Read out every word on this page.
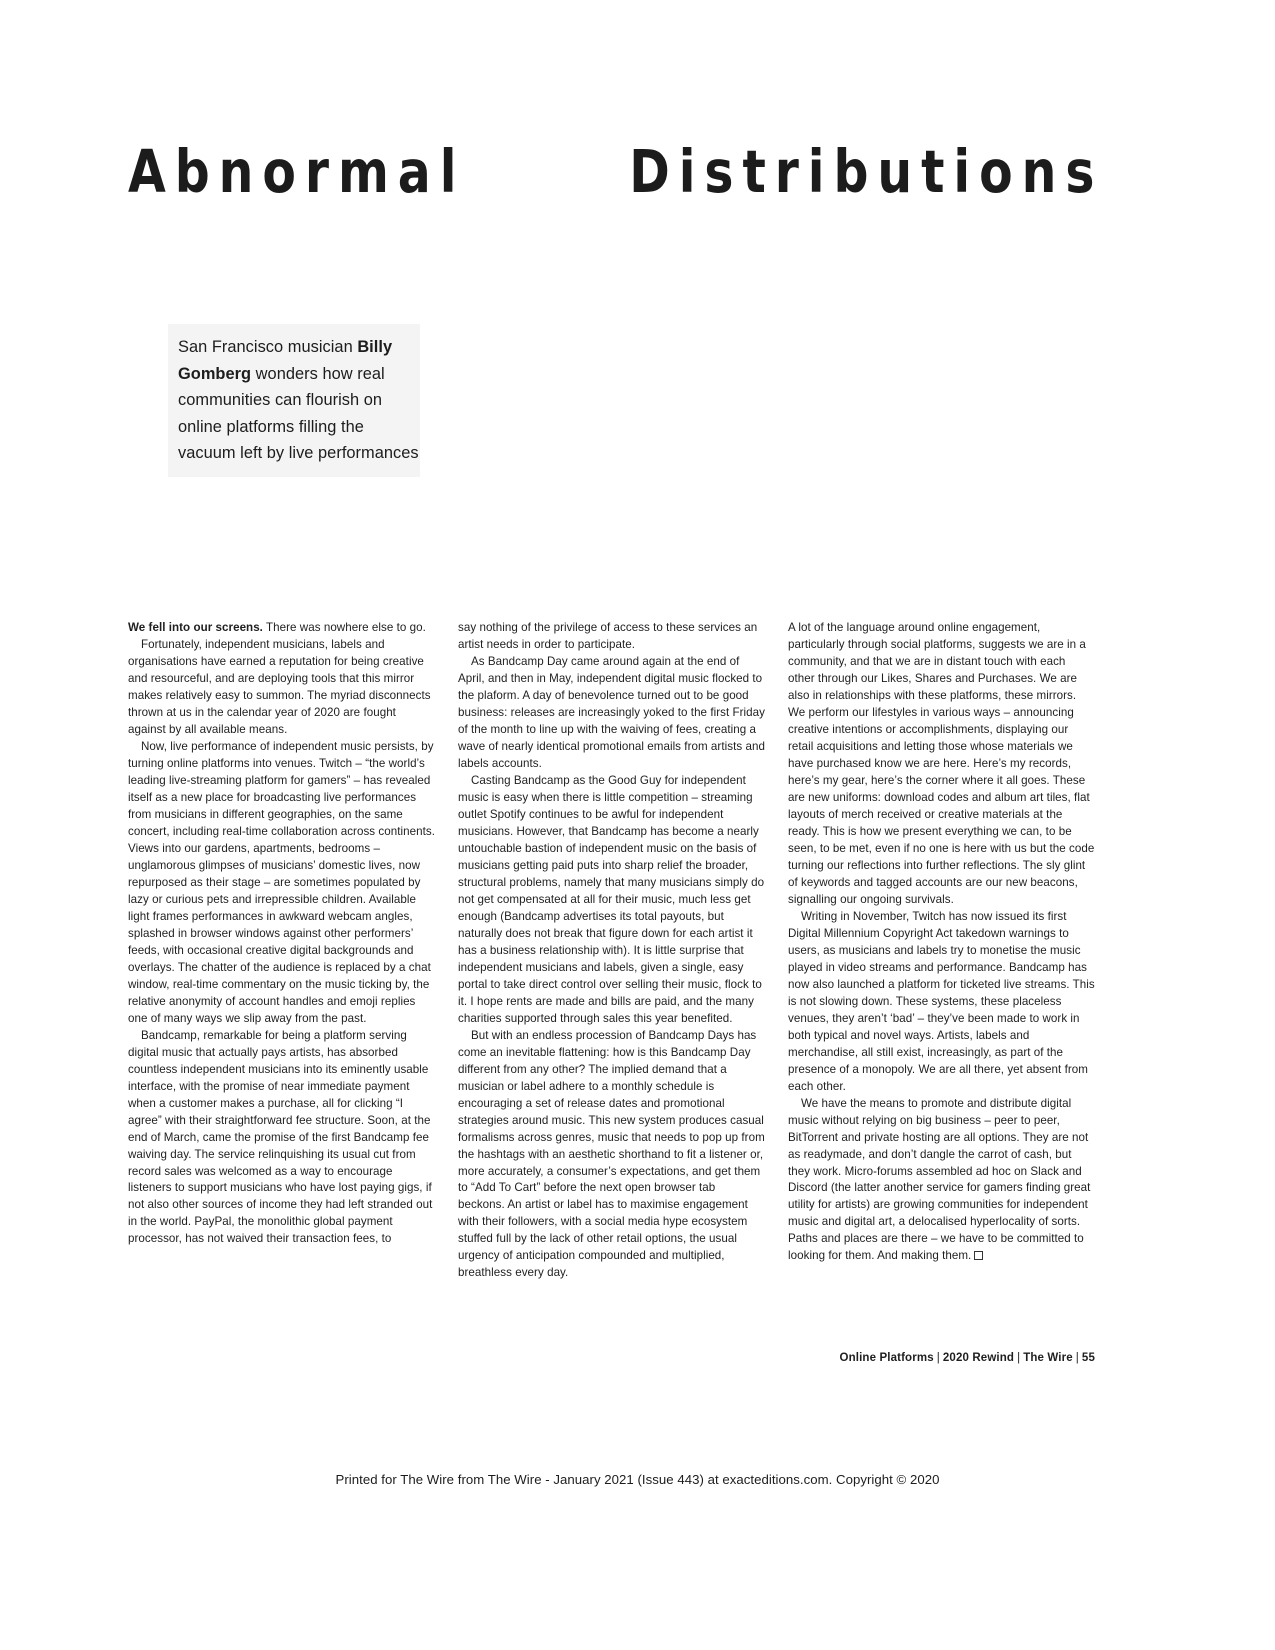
Abnormal	Distributions
San Francisco musician Billy Gomberg wonders how real communities can flourish on online platforms filling the vacuum left by live performances

We fell into our screens. There was nowhere else to go.

Fortunately, independent musicians, labels and organisations have earned a reputation for being creative and resourceful, and are deploying tools that this mirror makes relatively easy to summon. The myriad disconnects thrown at us in the calendar year of 2020 are fought against by all available means.

Now, live performance of independent music persists, by turning online platforms into venues. Twitch – “the world’s leading live-streaming platform for gamers” – has revealed itself as a new place for broadcasting live performances from musicians in different geographies, on the same concert, including real-time collaboration across continents. Views into our gardens, apartments, bedrooms – unglamorous glimpses of musicians’ domestic lives, now repurposed as their stage – are sometimes populated by lazy or curious pets and irrepressible children. Available light frames performances in awkward webcam angles, splashed in browser windows against other performers’ feeds, with occasional creative digital backgrounds and overlays. The chatter of the audience is replaced by a chat window, real-time commentary on the music ticking by, the relative anonymity of account handles and emoji replies one of many ways we slip away from the past.

Bandcamp, remarkable for being a platform serving digital music that actually pays artists, has absorbed countless independent musicians into its eminently usable interface, with the promise of near immediate payment when a customer makes a purchase, all for clicking “I agree” with their straightforward fee structure. Soon, at the end of March, came the promise of the first Bandcamp fee waiving day. The service relinquishing its usual cut from record sales was welcomed as a way to encourage listeners to support musicians who have lost paying gigs, if not also other sources of income they had left stranded out in the world. PayPal, the monolithic global payment processor, has not waived their transaction fees, to

say nothing of the privilege of access to these services an artist needs in order to participate.

As Bandcamp Day came around again at the end of April, and then in May, independent digital music flocked to the plaform. A day of benevolence turned out to be good business: releases are increasingly yoked to the first Friday of the month to line up with the waiving of fees, creating a wave of nearly identical promotional emails from artists and labels accounts.

Casting Bandcamp as the Good Guy for independent music is easy when there is little competition – streaming outlet Spotify continues to be awful for independent musicians. However, that Bandcamp has become a nearly untouchable bastion of independent music on the basis of musicians getting paid puts into sharp relief the broader, structural problems, namely that many musicians simply do not get compensated at all for their music, much less get enough (Bandcamp advertises its total payouts, but naturally does not break that figure down for each artist it has a business relationship with). It is little surprise that independent musicians and labels, given a single, easy portal to take direct control over selling their music, flock to it. I hope rents are made and bills are paid, and the many charities supported through sales this year benefited.

But with an endless procession of Bandcamp Days has come an inevitable flattening: how is this Bandcamp Day different from any other? The implied demand that a musician or label adhere to a monthly schedule is encouraging a set of release dates and promotional strategies around music. This new system produces casual formalisms across genres, music that needs to pop up from the hashtags with an aesthetic shorthand to fit a listener or, more accurately, a consumer’s expectations, and get them to “Add To Cart” before the next open browser tab beckons. An artist or label has to maximise engagement with their followers, with a social media hype ecosystem stuffed full by the lack of other retail options, the usual urgency of anticipation compounded and multiplied, breathless every day.

A lot of the language around online engagement, particularly through social platforms, suggests we are in a community, and that we are in distant touch with each other through our Likes, Shares and Purchases. We are also in relationships with these platforms, these mirrors. We perform our lifestyles in various ways – announcing creative intentions or accomplishments, displaying our retail acquisitions and letting those whose materials we have purchased know we are here. Here’s my records, here’s my gear, here’s the corner where it all goes. These are new uniforms: download codes and album art tiles, flat layouts of merch received or creative materials at the ready. This is how we present everything we can, to be seen, to be met, even if no one is here with us but the code turning our reflections into further reflections. The sly glint of keywords and tagged accounts are our new beacons, signalling our ongoing survivals.

Writing in November, Twitch has now issued its first Digital Millennium Copyright Act takedown warnings to users, as musicians and labels try to monetise the music played in video streams and performance. Bandcamp has now also launched a platform for ticketed live streams. This is not slowing down. These systems, these placeless venues, they aren’t ‘bad’ – they’ve been made to work in both typical and novel ways. Artists, labels and merchandise, all still exist, increasingly, as part of the presence of a monopoly. We are all there, yet absent from each other.

We have the means to promote and distribute digital music without relying on big business – peer to peer, BitTorrent and private hosting are all options. They are not as readymade, and don’t dangle the carrot of cash, but they work. Micro-forums assembled ad hoc on Slack and Discord (the latter another service for gamers finding great utility for artists) are growing communities for independent music and digital art, a delocalised hyperlocality of sorts. Paths and places are there – we have to be committed to looking for them. And making them.

Online Platforms | 2020 Rewind | The Wire | 55
Printed for The Wire from The Wire - January 2021 (Issue 443) at exacteditions.com. Copyright © 2020
